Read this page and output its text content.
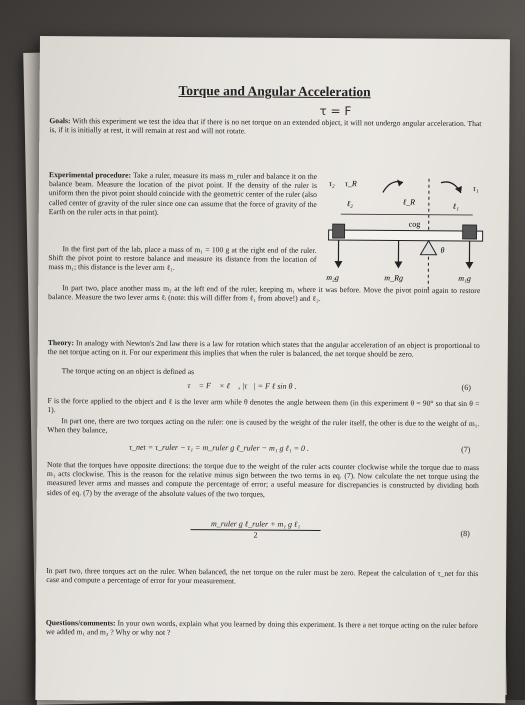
Torque and Angular Acceleration
τ = F
Goals: With this experiment we test the idea that if there is no net torque on an extended object, it will not undergo angular acceleration. That is, if it is initially at rest, it will remain at rest and will not rotate.
Experimental procedure: Take a ruler, measure its mass m_ruler and balance it on the balance beam. Measure the location of the pivot point. If the density of the ruler is uniform then the pivot point should coincide with the geometric center of the ruler (also called center of gravity of the ruler since one can assume that the force of gravity of the Earth on the ruler acts in that point).
In the first part of the lab, place a mass of m₁ = 100 g at the right end of the ruler. Shift the pivot point to restore balance and measure its distance from the location of mass m₁; this distance is the lever arm ℓ₁.
In part two, place another mass m₂ at the left end of the ruler, keeping m₁ where it was before. Move the pivot point again to restore balance. Measure the two lever arms ℓᵢ (note: this will differ from ℓ₁ from above!) and ℓ₂.
τ₂ τ_R
τ₁
ℓ₂	ℓ_R	ℓ₁
cog
θ
m₂g	m_Rg	m₁g
Theory: In analogy with Newton's 2nd law there is a law for rotation which states that the angular acceleration of an object is proportional to the net torque acting on it. For our experiment this implies that when the ruler is balanced, the net torque should be zero.
The torque acting on an object is defined as
τ⃗ = F⃗ × ℓ⃗ , |τ⃗| = F ℓ sin θ .	(6)
F is the force applied to the object and ℓ is the lever arm while θ denotes the angle between them (in this experiment θ = 90° so that sin θ = 1).
In part one, there are two torques acting on the ruler: one is caused by the weight of the ruler itself, the other is due to the weight of m₁. When they balance,
τ_net = τ_ruler − τ₁ = m_ruler g ℓ_ruler − m₁ g ℓ₁ = 0 .	(7)
Note that the torques have opposite directions: the torque due to the weight of the ruler acts counter clockwise while the torque due to mass m₁ acts clockwise. This is the reason for the relative minus sign between the two terms in eq. (7). Now calculate the net torque using the measured lever arms and masses and compute the percentage of error; a useful measure for discrepancies is constructed by dividing both sides of eq. (7) by the average of the absolute values of the two torques,
m_ruler g ℓ_ruler + m₁ g ℓ₁
2	(8)
In part two, three torques act on the ruler. When balanced, the net torque on the ruler must be zero. Repeat the calculation of τ_net for this case and compute a percentage of error for your measurement.
Questions/comments: In your own words, explain what you learned by doing this experiment. Is there a net torque acting on the ruler before we added m₁ and m₂ ? Why or why not ?
